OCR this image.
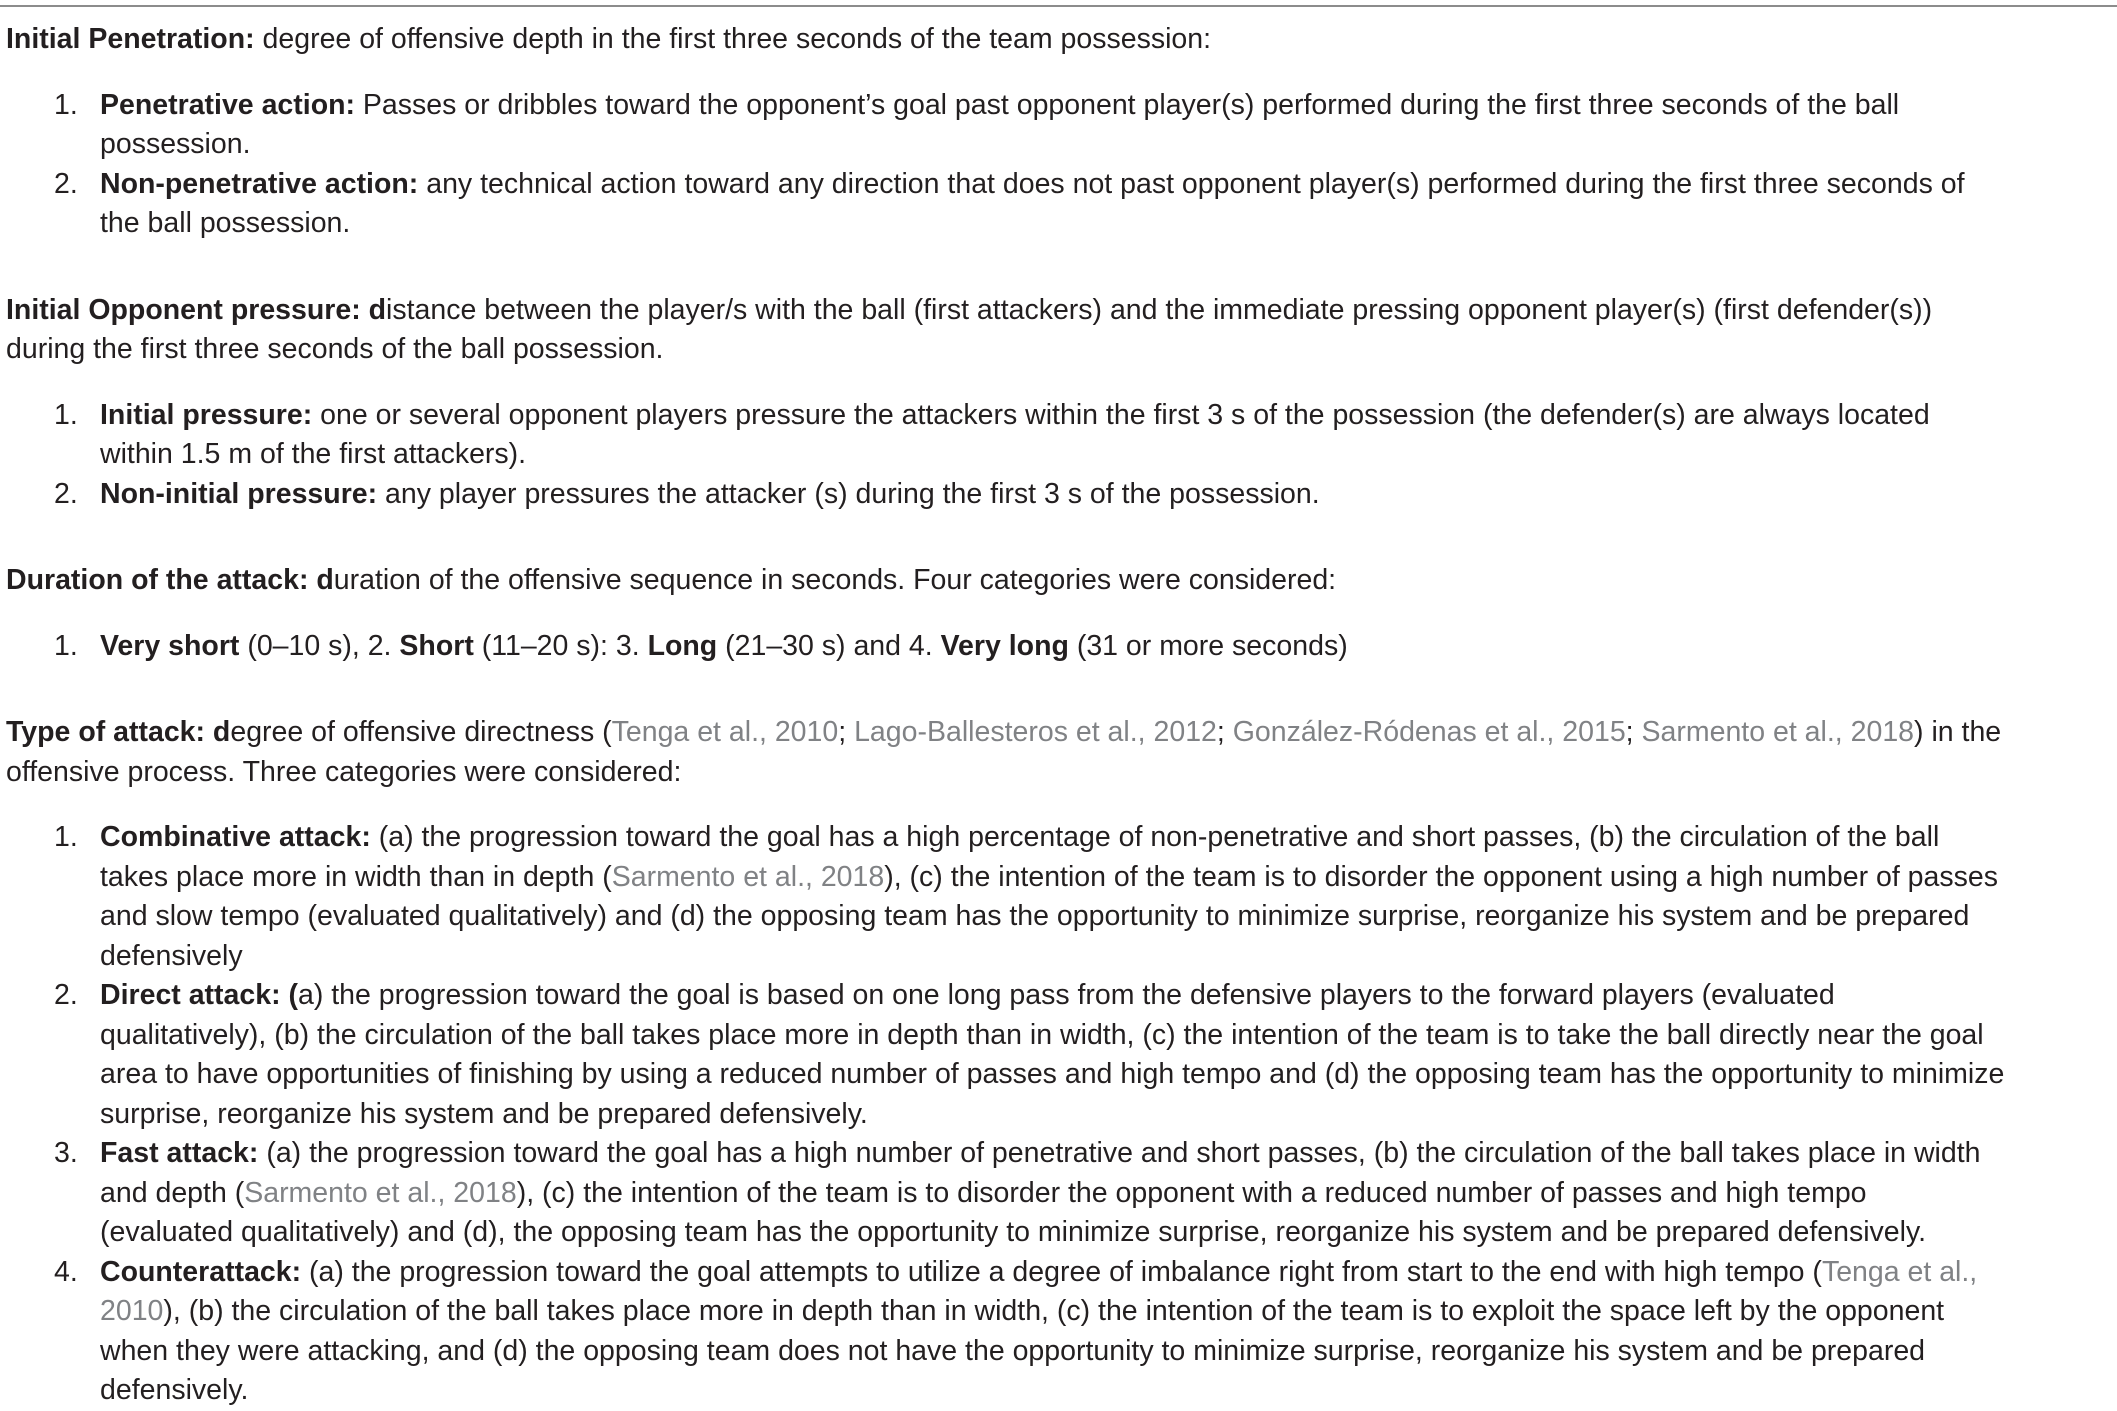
Initial Penetration: degree of offensive depth in the first three seconds of the team possession:

1. Penetrative action: Passes or dribbles toward the opponent’s goal past opponent player(s) performed during the first three seconds of the ball possession.
2. Non-penetrative action: any technical action toward any direction that does not past opponent player(s) performed during the first three seconds of the ball possession.

Initial Opponent pressure: distance between the player/s with the ball (first attackers) and the immediate pressing opponent player(s) (first defender(s)) during the first three seconds of the ball possession.

1. Initial pressure: one or several opponent players pressure the attackers within the first 3 s of the possession (the defender(s) are always located within 1.5 m of the first attackers).
2. Non-initial pressure: any player pressures the attacker (s) during the first 3 s of the possession.

Duration of the attack: duration of the offensive sequence in seconds. Four categories were considered:

1. Very short (0–10 s), 2. Short (11–20 s): 3. Long (21–30 s) and 4. Very long (31 or more seconds)

Type of attack: degree of offensive directness (Tenga et al., 2010; Lago-Ballesteros et al., 2012; González-Ródenas et al., 2015; Sarmento et al., 2018) in the offensive process. Three categories were considered:

1. Combinative attack: (a) the progression toward the goal has a high percentage of non-penetrative and short passes, (b) the circulation of the ball takes place more in width than in depth (Sarmento et al., 2018), (c) the intention of the team is to disorder the opponent using a high number of passes and slow tempo (evaluated qualitatively) and (d) the opposing team has the opportunity to minimize surprise, reorganize his system and be prepared defensively
2. Direct attack: (a) the progression toward the goal is based on one long pass from the defensive players to the forward players (evaluated qualitatively), (b) the circulation of the ball takes place more in depth than in width, (c) the intention of the team is to take the ball directly near the goal area to have opportunities of finishing by using a reduced number of passes and high tempo and (d) the opposing team has the opportunity to minimize surprise, reorganize his system and be prepared defensively.
3. Fast attack: (a) the progression toward the goal has a high number of penetrative and short passes, (b) the circulation of the ball takes place in width and depth (Sarmento et al., 2018), (c) the intention of the team is to disorder the opponent with a reduced number of passes and high tempo (evaluated qualitatively) and (d), the opposing team has the opportunity to minimize surprise, reorganize his system and be prepared defensively.
4. Counterattack: (a) the progression toward the goal attempts to utilize a degree of imbalance right from start to the end with high tempo (Tenga et al., 2010), (b) the circulation of the ball takes place more in depth than in width, (c) the intention of the team is to exploit the space left by the opponent when they were attacking, and (d) the opposing team does not have the opportunity to minimize surprise, reorganize his system and be prepared defensively.
